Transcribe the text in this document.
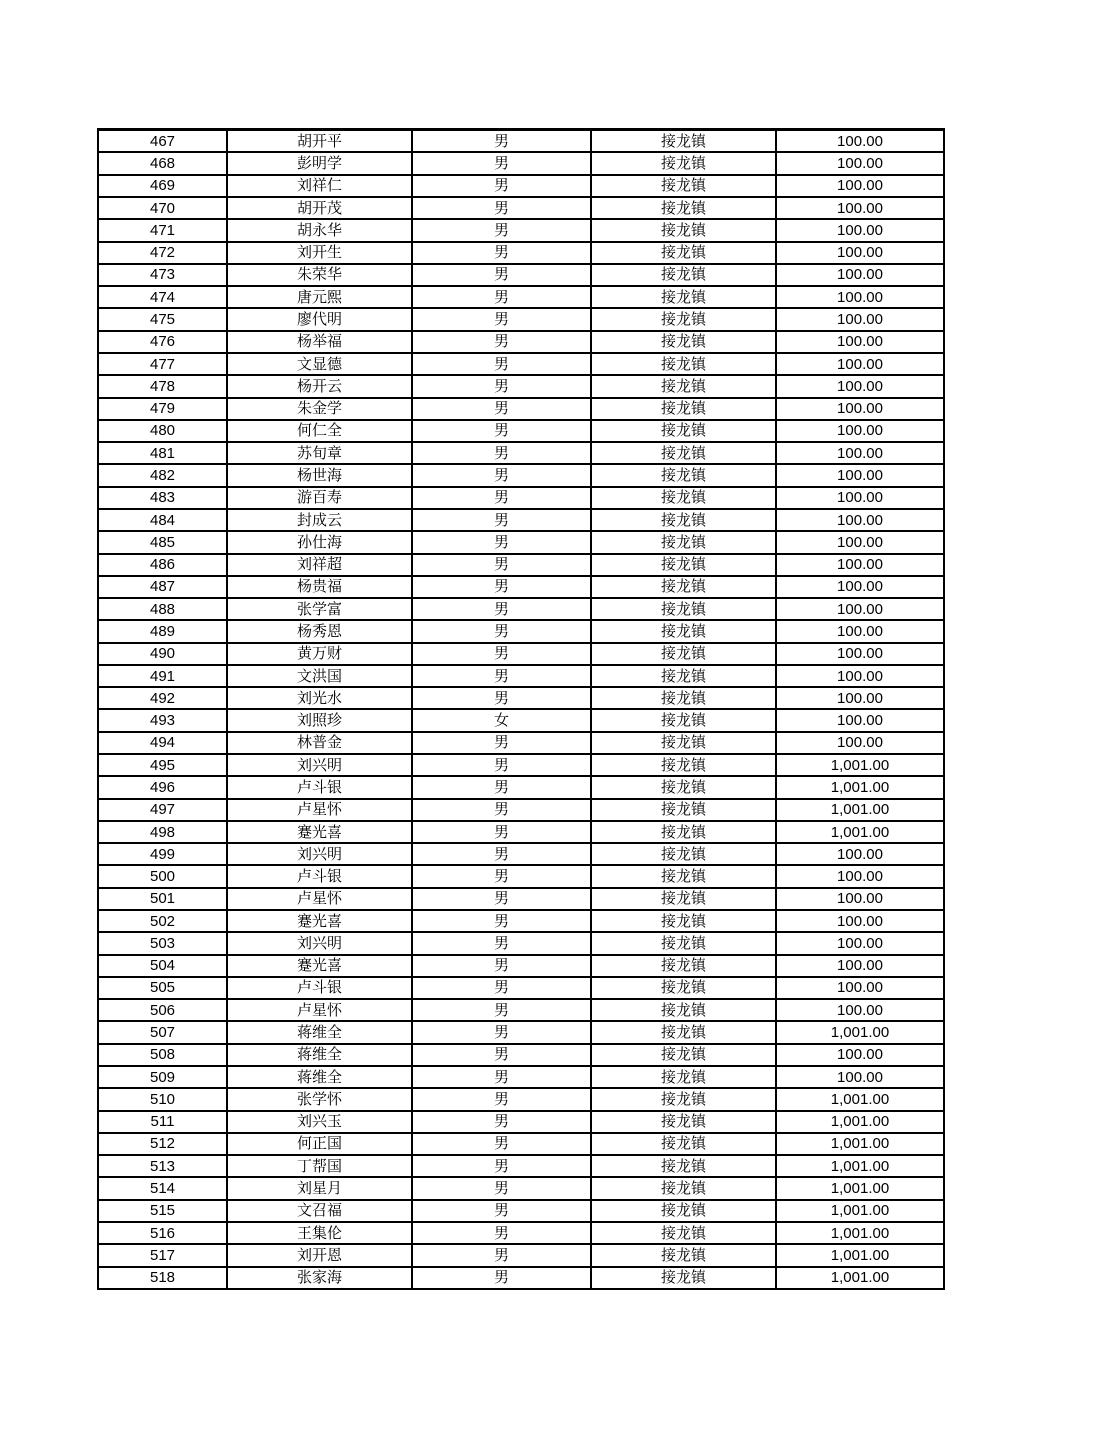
467	胡开平	男	接龙镇	100.00
468	彭明学	男	接龙镇	100.00
469	刘祥仁	男	接龙镇	100.00
470	胡开茂	男	接龙镇	100.00
471	胡永华	男	接龙镇	100.00
472	刘开生	男	接龙镇	100.00
473	朱荣华	男	接龙镇	100.00
474	唐元熙	男	接龙镇	100.00
475	廖代明	男	接龙镇	100.00
476	杨举福	男	接龙镇	100.00
477	文显德	男	接龙镇	100.00
478	杨开云	男	接龙镇	100.00
479	朱金学	男	接龙镇	100.00
480	何仁全	男	接龙镇	100.00
481	苏旬章	男	接龙镇	100.00
482	杨世海	男	接龙镇	100.00
483	游百寿	男	接龙镇	100.00
484	封成云	男	接龙镇	100.00
485	孙仕海	男	接龙镇	100.00
486	刘祥超	男	接龙镇	100.00
487	杨贵福	男	接龙镇	100.00
488	张学富	男	接龙镇	100.00
489	杨秀恩	男	接龙镇	100.00
490	黄万财	男	接龙镇	100.00
491	文洪国	男	接龙镇	100.00
492	刘光水	男	接龙镇	100.00
493	刘照珍	女	接龙镇	100.00
494	林普金	男	接龙镇	100.00
495	刘兴明	男	接龙镇	1,001.00
496	卢斗银	男	接龙镇	1,001.00
497	卢星怀	男	接龙镇	1,001.00
498	蹇光喜	男	接龙镇	1,001.00
499	刘兴明	男	接龙镇	100.00
500	卢斗银	男	接龙镇	100.00
501	卢星怀	男	接龙镇	100.00
502	蹇光喜	男	接龙镇	100.00
503	刘兴明	男	接龙镇	100.00
504	蹇光喜	男	接龙镇	100.00
505	卢斗银	男	接龙镇	100.00
506	卢星怀	男	接龙镇	100.00
507	蒋维全	男	接龙镇	1,001.00
508	蒋维全	男	接龙镇	100.00
509	蒋维全	男	接龙镇	100.00
510	张学怀	男	接龙镇	1,001.00
511	刘兴玉	男	接龙镇	1,001.00
512	何正国	男	接龙镇	1,001.00
513	丁帮国	男	接龙镇	1,001.00
514	刘星月	男	接龙镇	1,001.00
515	文召福	男	接龙镇	1,001.00
516	王集伦	男	接龙镇	1,001.00
517	刘开恩	男	接龙镇	1,001.00
518	张家海	男	接龙镇	1,001.00
